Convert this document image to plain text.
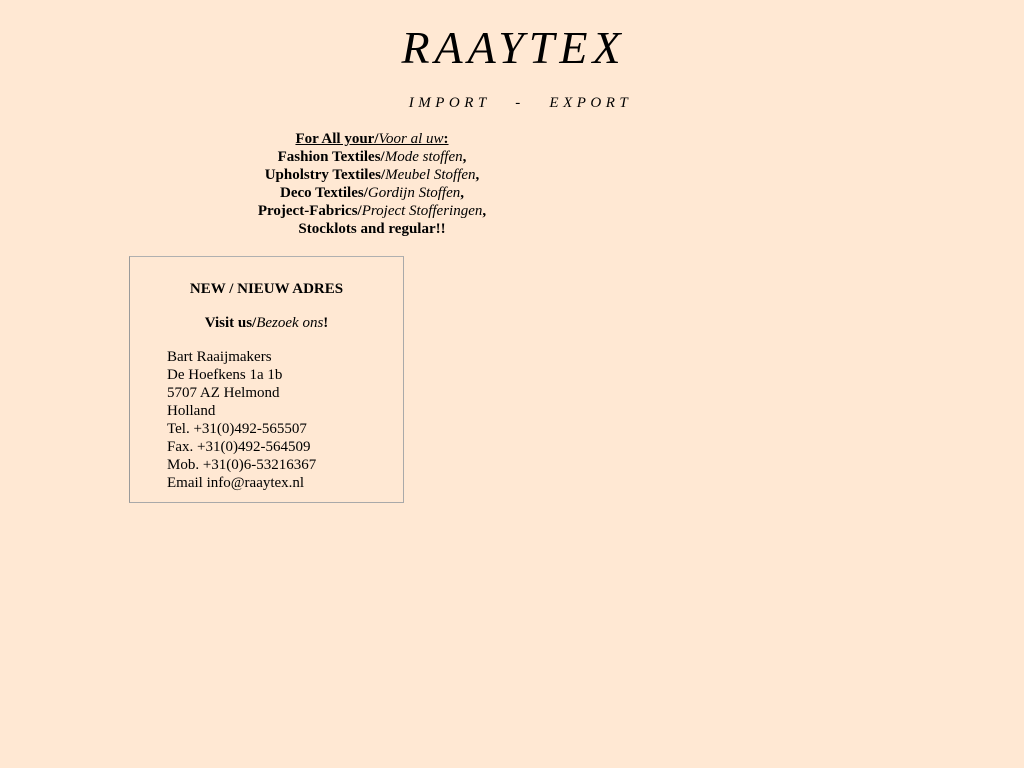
RAAYTEX
IMPORT   -   EXPORT
For All your/Voor al uw:
Fashion Textiles/Mode stoffen,
Upholstry Textiles/Meubel Stoffen,
Deco Textiles/Gordijn Stoffen,
Project-Fabrics/Project Stofferingen,
Stocklots and regular!!
NEW / NIEUW ADRES
Visit us/Bezoek ons!
Bart Raaijmakers
De Hoefkens 1a 1b
5707 AZ Helmond
Holland
Tel. +31(0)492-565507
Fax. +31(0)492-564509
Mob. +31(0)6-53216367
Email info@raaytex.nl
